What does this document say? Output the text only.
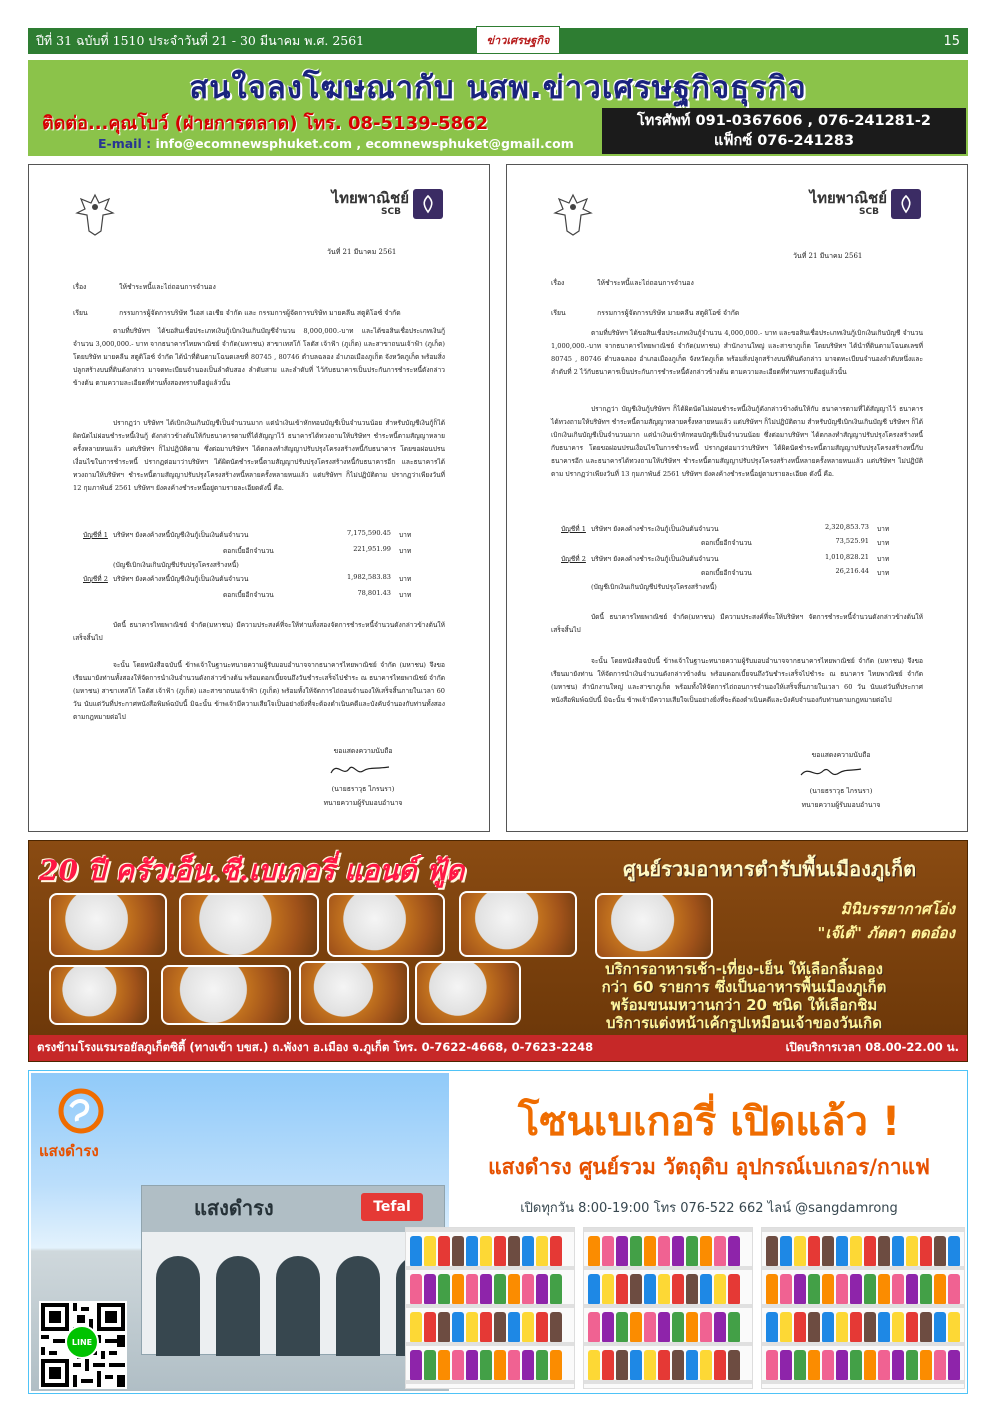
ปีที่ 31 ฉบับที่ 1510 ประจำวันที่ 21 - 30 มีนาคม พ.ศ. 2561	ข่าวเศรษฐกิจ	15
สนใจลงโฆษณากับ นสพ.ข่าวเศรษฐกิจธุรกิจ
ติดต่อ...คุณโบว์ (ฝ่ายการตลาด) โทร. 08-5139-5862
E-mail : info@ecomnewsphuket.com , ecomnewsphuket@gmail.com
โทรศัพท์ 091-0367606 , 076-241281-2
แฟ็กซ์ 076-241283
ไทยพาณิชย์
SCB
วันที่ 21 มีนาคม 2561
เรื่อง	ให้ชำระหนี้และไถ่ถอนการจำนอง
เรียน	กรรมการผู้จัดการบริษัท วีเอส เอเชีย จำกัด และ กรรมการผู้จัดการบริษัท มายคลีน สตูดิโอซ์ จำกัด
ตามที่บริษัทฯ ได้ขอสินเชื่อประเภทเงินกู้เบิกเงินเกินบัญชีจำนวน 8,000,000.-บาท และได้ขอสินเชื่อประเภทเงินกู้จำนวน 3,000,000.- บาท จากธนาคารไทยพาณิชย์ จำกัด(มหาชน) สาขาเทสโก้ โลตัส เจ้าฟ้า (ภูเก็ต) และสาขาถนนเจ้าฟ้า (ภูเก็ต) โดยบริษัท มายคลีน สตูดิโอซ์ จำกัด ได้นำที่ดินตามโฉนดเลขที่ 80745 , 80746 ตำบลฉลอง อำเภอเมืองภูเก็ต จังหวัดภูเก็ต พร้อมสิ่งปลูกสร้างบนที่ดินดังกล่าว มาจดทะเบียนจำนองเป็นลำดับสอง ลำดับสาม และลำดับที่ ไว้กับธนาคารเป็นประกันการชำระหนี้ดังกล่าวข้างต้น ตามความละเอียดที่ท่านทั้งสองทราบดีอยู่แล้วนั้น
ปรากฏว่า บริษัทฯ ได้เบิกเงินเกินบัญชีเป็นจำนวนมาก แต่นำเงินเข้าหักทอนบัญชีเป็นจำนวนน้อย สำหรับบัญชีเงินกู้ก็ได้ผิดนัดไม่ผ่อนชำระหนี้เงินกู้ ดังกล่าวข้างต้นให้กับธนาคารตามที่ได้สัญญาไว้ ธนาคารได้ทวงถามให้บริษัทฯ ชำระหนี้ตามสัญญาหลายครั้งหลายหนแล้ว แต่บริษัทฯ ก็ไม่ปฏิบัติตาม ซึ่งต่อมาบริษัทฯ ได้ตกลงทำสัญญาปรับปรุงโครงสร้างหนี้กับธนาคาร โดยขอผ่อนปรนเงื่อนไขในการชำระหนี้ ปรากฏต่อมาว่าบริษัทฯ ได้ผิดนัดชำระหนี้ตามสัญญาปรับปรุงโครงสร้างหนี้กับธนาคารอีก และธนาคารได้ทวงถามให้บริษัทฯ ชำระหนี้ตามสัญญาปรับปรุงโครงสร้างหนี้หลายครั้งหลายหนแล้ว แต่บริษัทฯ ก็ไม่ปฏิบัติตาม ปรากฏว่าเพียงวันที่ 12 กุมภาพันธ์ 2561 บริษัทฯ ยังคงค้างชำระหนี้อยู่ตามรายละเอียดดังนี้ คือ.
บัญชีที่ 1 บริษัทฯ ยังคงค้างหนี้บัญชีเงินกู้เป็นเงินต้นจำนวน	7,175,590.45 บาท
ดอกเบี้ยอีกจำนวน	221,951.99 บาท
(บัญชีเบิกเงินเกินบัญชีปรับปรุงโครงสร้างหนี้)
บัญชีที่ 2 บริษัทฯ ยังคงค้างหนี้บัญชีเงินกู้เป็นเงินต้นจำนวน	1,982,583.83 บาท
ดอกเบี้ยอีกจำนวน	78,801.43 บาท
บัดนี้ ธนาคารไทยพาณิชย์ จำกัด(มหาชน) มีความประสงค์ที่จะให้ท่านทั้งสองจัดการชำระหนี้จำนวนดังกล่าวข้างต้นให้เสร็จสิ้นไป
จะนั้น โดยหนังสือฉบับนี้ ข้าพเจ้าในฐานะทนายความผู้รับมอบอำนาจจากธนาคารไทยพาณิชย์ จำกัด (มหาชน) จึงขอเรียนมายังท่านทั้งสองให้จัดการนำเงินจำนวนดังกล่าวข้างต้น พร้อมดอกเบี้ยจนถึงวันชำระเสร็จไปชำระ ณ ธนาคารไทยพาณิชย์ จำกัด (มหาชน) สาขาเทสโก้ โลตัส เจ้าฟ้า (ภูเก็ต) และสาขาถนนเจ้าฟ้า (ภูเก็ต) พร้อมทั้งให้จัดการไถ่ถอนจำนองให้เสร็จสิ้นภายในเวลา 60 วัน นับแต่วันที่ประกาศหนังสือพิมพ์ฉบับนี้ มิฉะนั้น ข้าพเจ้ามีความเสียใจเป็นอย่างยิ่งที่จะต้องดำเนินคดีและบังคับจำนองกับท่านทั้งสองตามกฎหมายต่อไป
ขอแสดงความนับถือ
(นายธราวุธ ไกรนรา)
ทนายความผู้รับมอบอำนาจ
ไทยพาณิชย์
SCB
วันที่ 21 มีนาคม 2561
เรื่อง	ให้ชำระหนี้และไถ่ถอนการจำนอง
เรียน	กรรมการผู้จัดการบริษัท มายคลีน สตูดิโอซ์ จำกัด
ตามที่บริษัทฯ ได้ขอสินเชื่อประเภทเงินกู้จำนวน 4,000,000.- บาท และขอสินเชื่อประเภทเงินกู้เบิกเงินเกินบัญชี จำนวน 1,000,000.-บาท จากธนาคารไทยพาณิชย์ จำกัด(มหาชน) สำนักงานใหญ่ และสาขาภูเก็ต โดยบริษัทฯ ได้นำที่ดินตามโฉนดเลขที่ 80745 , 80746 ตำบลฉลอง อำเภอเมืองภูเก็ต จังหวัดภูเก็ต พร้อมสิ่งปลูกสร้างบนที่ดินดังกล่าว มาจดทะเบียนจำนองลำดับหนึ่งและลำดับที่ 2 ไว้กับธนาคารเป็นประกันการชำระหนี้ดังกล่าวข้างต้น ตามความละเอียดที่ท่านทราบดีอยู่แล้วนั้น
ปรากฏว่า บัญชีเงินกู้บริษัทฯ ก็ได้ผิดนัดไม่ผ่อนชำระหนี้เงินกู้ดังกล่าวข้างต้นให้กับ ธนาคารตามที่ได้สัญญาไว้ ธนาคารได้ทวงถามให้บริษัทฯ ชำระหนี้ตามสัญญาหลายครั้งหลายหนแล้ว แต่บริษัทฯ ก็ไม่ปฏิบัติตาม สำหรับบัญชีเบิกเงินเกินบัญชี บริษัทฯ ก็ได้เบิกเงินเกินบัญชีเป็นจำนวนมาก แต่นำเงินเข้าหักทอนบัญชีเป็นจำนวนน้อย ซึ่งต่อมาบริษัทฯ ได้ตกลงทำสัญญาปรับปรุงโครงสร้างหนี้กับธนาคาร โดยขอผ่อนปรนเงื่อนไขในการชำระหนี้ ปรากฏต่อมาว่าบริษัทฯ ได้ผิดนัดชำระหนี้ตามสัญญาปรับปรุงโครงสร้างหนี้กับธนาคารอีก และธนาคารได้ทวงถามให้บริษัทฯ ชำระหนี้ตามสัญญาปรับปรุงโครงสร้างหนี้หลายครั้งหลายหนแล้ว แต่บริษัทฯ ไม่ปฏิบัติตาม ปรากฏว่าเพียงวันที่ 13 กุมภาพันธ์ 2561 บริษัทฯ ยังคงค้างชำระหนี้อยู่ตามรายละเอียด ดังนี้ คือ.
บัญชีที่ 1 บริษัทฯ ยังคงค้างชำระเงินกู้เป็นเงินต้นจำนวน	2,320,853.73 บาท
ดอกเบี้ยอีกจำนวน	73,525.91 บาท
บัญชีที่ 2 บริษัทฯ ยังคงค้างชำระเงินกู้เป็นเงินต้นจำนวน	1,010,828.21 บาท
ดอกเบี้ยอีกจำนวน	26,216.44 บาท
(บัญชีเบิกเงินเกินบัญชีปรับปรุงโครงสร้างหนี้)
บัดนี้ ธนาคารไทยพาณิชย์ จำกัด(มหาชน) มีความประสงค์ที่จะให้บริษัทฯ จัดการชำระหนี้จำนวนดังกล่าวข้างต้นให้เสร็จสิ้นไป
จะนั้น โดยหนังสือฉบับนี้ ข้าพเจ้าในฐานะทนายความผู้รับมอบอำนาจจากธนาคารไทยพาณิชย์ จำกัด (มหาชน) จึงขอเรียนมายังท่าน ให้จัดการนำเงินจำนวนดังกล่าวข้างต้น พร้อมดอกเบี้ยจนถึงวันชำระเสร็จไปชำระ ณ ธนาคาร ไทยพาณิชย์ จำกัด (มหาชน) สำนักงานใหญ่ และสาขาภูเก็ต พร้อมทั้งให้จัดการไถ่ถอนการจำนองให้เสร็จสิ้นภายในเวลา 60 วัน นับแต่วันที่ประกาศหนังสือพิมพ์ฉบับนี้ มิฉะนั้น ข้าพเจ้ามีความเสียใจเป็นอย่างยิ่งที่จะต้องดำเนินคดีและบังคับจำนองกับท่านตามกฎหมายต่อไป
ขอแสดงความนับถือ
(นายธราวุธ ไกรนรา)
ทนายความผู้รับมอบอำนาจ
20 ปี ครัวเอ็น.ซี.เบเกอรี่ แอนด์ ฟู้ด	ศูนย์รวมอาหารตำรับพื้นเมืองภูเก็ต
มินิบรรยากาศโอ่ง
"เจ๊เต้" ภัตตา ตดอ๋อง
บริการอาหารเช้า-เที่ยง-เย็น ให้เลือกลิ้มลอง
กว่า 60 รายการ ซึ่งเป็นอาหารพื้นเมืองภูเก็ต
พร้อมขนมหวานกว่า 20 ชนิด ให้เลือกชิม
บริการแต่งหน้าเค้กรูปเหมือนเจ้าของวันเกิด
ตรงข้ามโรงแรมรอยัลภูเก็ตซิตี้ (ทางเข้า บขส.) ถ.พังงา อ.เมือง จ.ภูเก็ต โทร. 0-7622-4668, 0-7623-2248	เปิดบริการเวลา 08.00-22.00 น.
แสงดำรง	Tefal
แสงดำรง
LINE
โซนเบเกอรี่ เปิดแล้ว !
แสงดำรง ศูนย์รวม วัตถุดิบ อุปกรณ์เบเกอร/กาแฟ
เปิดทุกวัน 8:00-19:00 โทร 076-522 662 ไลน์ @sangdamrong
